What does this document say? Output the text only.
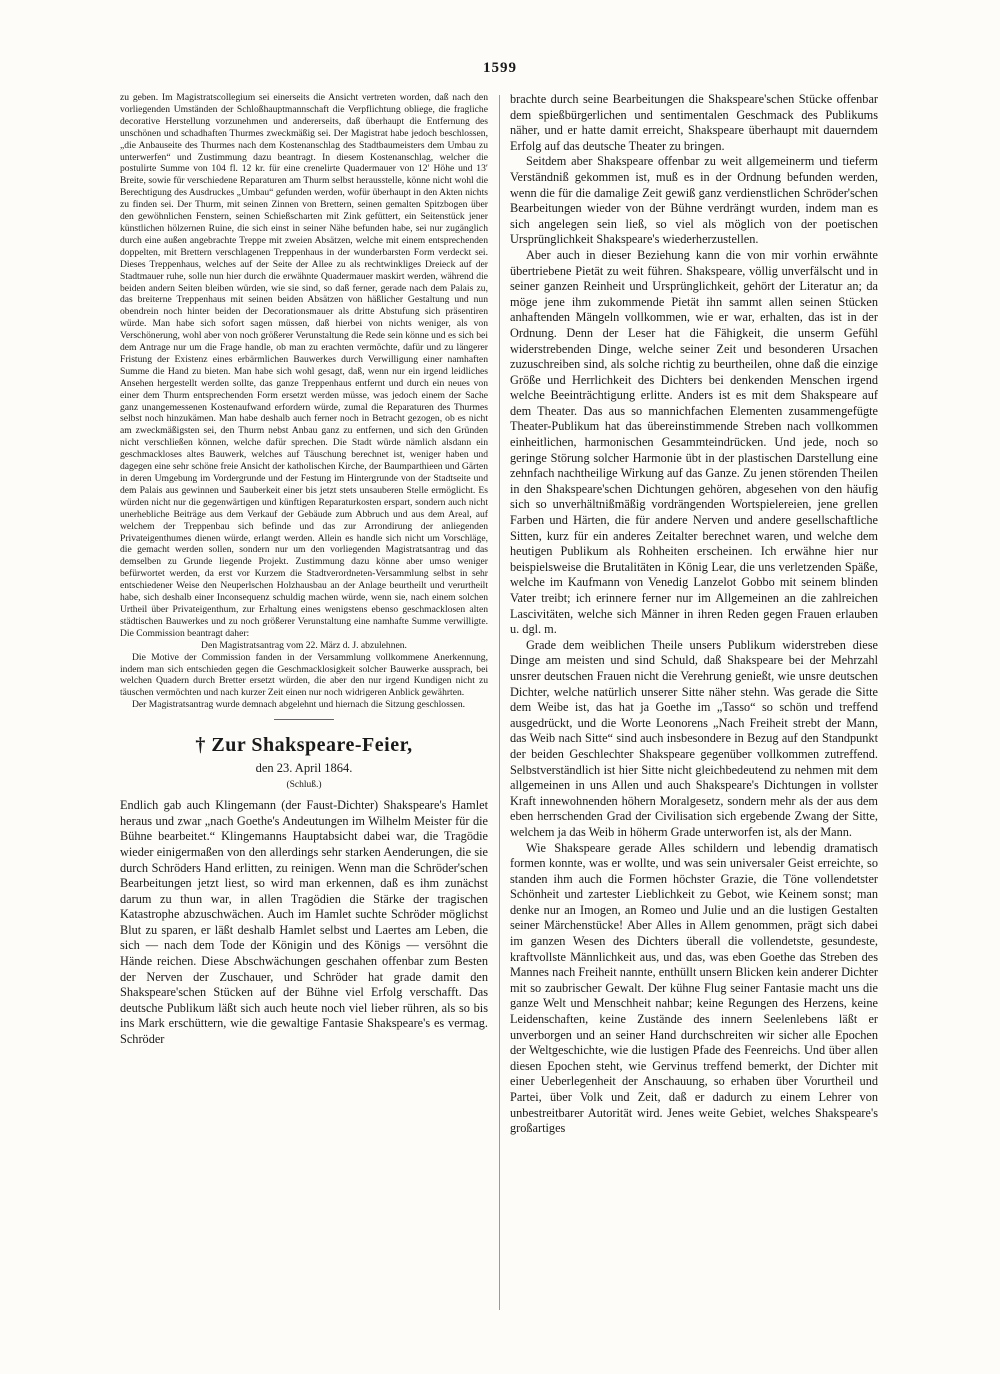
1599

zu geben. Im Magistratscollegium sei einerseits die Ansicht vertreten worden, daß nach den vorliegenden Umständen der Schloßhauptmannschaft die Verpflichtung obliege, die fragliche decorative Herstellung vorzunehmen und andererseits, daß überhaupt die Entfernung des unschönen und schadhaften Thurmes zweckmäßig sei. Der Magistrat habe jedoch beschlossen, „die Anbauseite des Thurmes nach dem Kostenanschlag des Stadtbaumeisters dem Umbau zu unterwerfen“ und Zustimmung dazu beantragt. In diesem Kostenanschlag, welcher die postulirte Summe von 104 fl. 12 kr. für eine crenelirte Quadermauer von 12′ Höhe und 13′ Breite, sowie für verschiedene Reparaturen am Thurm selbst herausstelle, könne nicht wohl die Berechtigung des Ausdruckes „Umbau“ gefunden werden, wofür überhaupt in den Akten nichts zu finden sei. Der Thurm, mit seinen Zinnen von Brettern, seinen gemalten Spitzbogen über den gewöhnlichen Fenstern, seinen Schießscharten mit Zink gefüttert, ein Seitenstück jener künstlichen hölzernen Ruine, die sich einst in seiner Nähe befunden habe, sei nur zugänglich durch eine außen angebrachte Treppe mit zweien Absätzen, welche mit einem entsprechenden doppelten, mit Brettern verschlagenen Treppenhaus in der wunderbarsten Form verdeckt sei. Dieses Treppenhaus, welches auf der Seite der Allee zu als rechtwinkliges Dreieck auf der Stadtmauer ruhe, solle nun hier durch die erwähnte Quadermauer maskirt werden, während die beiden andern Seiten bleiben würden, wie sie sind, so daß ferner, gerade nach dem Palais zu, das breiterne Treppenhaus mit seinen beiden Absätzen von häßlicher Gestaltung und nun obendrein noch hinter beiden der Decorationsmauer als dritte Abstufung sich präsentiren würde. Man habe sich sofort sagen müssen, daß hierbei von nichts weniger, als von Verschönerung, wohl aber von noch größerer Verunstaltung die Rede sein könne und es sich bei dem Antrage nur um die Frage handle, ob man zu erachten vermöchte, dafür und zu längerer Fristung der Existenz eines erbärmlichen Bauwerkes durch Verwilligung einer namhaften Summe die Hand zu bieten. Man habe sich wohl gesagt, daß, wenn nur ein irgend leidliches Ansehen hergestellt werden sollte, das ganze Treppenhaus entfernt und durch ein neues von einer dem Thurm entsprechenden Form ersetzt werden müsse, was jedoch einem der Sache ganz unangemessenen Kostenaufwand erfordern würde, zumal die Reparaturen des Thurmes selbst noch hinzukämen. Man habe deshalb auch ferner noch in Betracht gezogen, ob es nicht am zweckmäßigsten sei, den Thurm nebst Anbau ganz zu entfernen, und sich den Gründen nicht verschließen können, welche dafür sprechen. Die Stadt würde nämlich alsdann ein geschmackloses altes Bauwerk, welches auf Täuschung berechnet ist, weniger haben und dagegen eine sehr schöne freie Ansicht der katholischen Kirche, der Baumparthieen und Gärten in deren Umgebung im Vordergrunde und der Festung im Hintergrunde von der Stadtseite und dem Palais aus gewinnen und Sauberkeit einer bis jetzt stets unsauberen Stelle ermöglicht. Es würden nicht nur die gegenwärtigen und künftigen Reparaturkosten erspart, sondern auch nicht unerhebliche Beiträge aus dem Verkauf der Gebäude zum Abbruch und aus dem Areal, auf welchem der Treppenbau sich befinde und das zur Arrondirung der anliegenden Privateigenthumes dienen würde, erlangt werden. Allein es handle sich nicht um Vorschläge, die gemacht werden sollen, sondern nur um den vorliegenden Magistratsantrag und das demselben zu Grunde liegende Projekt. Zustimmung dazu könne aber umso weniger befürwortet werden, da erst vor Kurzem die Stadtverordneten-Versammlung selbst in sehr entschiedener Weise den Neuperlschen Holzhausbau an der Anlage beurtheilt und verurtheilt habe, sich deshalb einer Inconsequenz schuldig machen würde, wenn sie, nach einem solchen Urtheil über Privateigenthum, zur Erhaltung eines wenigstens ebenso geschmacklosen alten städtischen Bauwerkes und zu noch größerer Verunstaltung eine namhafte Summe verwilligte. Die Commission beantragt daher:

Den Magistratsantrag vom 22. März d. J. abzulehnen.

Die Motive der Commission fanden in der Versammlung vollkommene Anerkennung, indem man sich entschieden gegen die Geschmacklosigkeit solcher Bauwerke aussprach, bei welchen Quadern durch Bretter ersetzt würden, die aber den nur irgend Kundigen nicht zu täuschen vermöchten und nach kurzer Zeit einen nur noch widrigeren Anblick gewährten.

Der Magistratsantrag wurde demnach abgelehnt und hiernach die Sitzung geschlossen.

† Zur Shakspeare-Feier,
den 23. April 1864.
(Schluß.)

Endlich gab auch Klingemann (der Faust-Dichter) Shakspeare's Hamlet heraus und zwar „nach Goethe's Andeutungen im Wilhelm Meister für die Bühne bearbeitet.“ Klingemanns Hauptabsicht dabei war, die Tragödie wieder einigermaßen von den allerdings sehr starken Aenderungen, die sie durch Schröders Hand erlitten, zu reinigen. Wenn man die Schröder'schen Bearbeitungen jetzt liest, so wird man erkennen, daß es ihm zunächst darum zu thun war, in allen Tragödien die Stärke der tragischen Katastrophe abzuschwächen. Auch im Hamlet suchte Schröder möglichst Blut zu sparen, er läßt deshalb Hamlet selbst und Laertes am Leben, die sich — nach dem Tode der Königin und des Königs — versöhnt die Hände reichen. Diese Abschwächungen geschahen offenbar zum Besten der Nerven der Zuschauer, und Schröder hat grade damit den Shakspeare'schen Stücken auf der Bühne viel Erfolg verschafft. Das deutsche Publikum läßt sich auch heute noch viel lieber rühren, als so bis ins Mark erschüttern, wie die gewaltige Fantasie Shakspeare's es vermag. Schröder

brachte durch seine Bearbeitungen die Shakspeare'schen Stücke offenbar dem spießbürgerlichen und sentimentalen Geschmack des Publikums näher, und er hatte damit erreicht, Shakspeare überhaupt mit dauerndem Erfolg auf das deutsche Theater zu bringen.

Seitdem aber Shakspeare offenbar zu weit allgemeinerm und tieferm Verständniß gekommen ist, muß es in der Ordnung befunden werden, wenn die für die damalige Zeit gewiß ganz verdienstlichen Schröder'schen Bearbeitungen wieder von der Bühne verdrängt wurden, indem man es sich angelegen sein ließ, so viel als möglich von der poetischen Ursprünglichkeit Shakspeare's wiederherzustellen.

Aber auch in dieser Beziehung kann die von mir vorhin erwähnte übertriebene Pietät zu weit führen. Shakspeare, völlig unverfälscht und in seiner ganzen Reinheit und Ursprünglichkeit, gehört der Literatur an; da möge jene ihm zukommende Pietät ihn sammt allen seinen Stücken anhaftenden Mängeln vollkommen, wie er war, erhalten, das ist in der Ordnung. Denn der Leser hat die Fähigkeit, die unserm Gefühl widerstrebenden Dinge, welche seiner Zeit und besonderen Ursachen zuzuschreiben sind, als solche richtig zu beurtheilen, ohne daß die einzige Größe und Herrlichkeit des Dichters bei denkenden Menschen irgend welche Beeinträchtigung erlitte. Anders ist es mit dem Shakspeare auf dem Theater. Das aus so mannichfachen Elementen zusammengefügte Theater-Publikum hat das übereinstimmende Streben nach vollkommen einheitlichen, harmonischen Gesammteindrücken. Und jede, noch so geringe Störung solcher Harmonie übt in der plastischen Darstellung eine zehnfach nachtheilige Wirkung auf das Ganze. Zu jenen störenden Theilen in den Shakspeare'schen Dichtungen gehören, abgesehen von den häufig sich so unverhältnißmäßig vordrängenden Wortspielereien, jene grellen Farben und Härten, die für andere Nerven und andere gesellschaftliche Sitten, kurz für ein anderes Zeitalter berechnet waren, und welche dem heutigen Publikum als Rohheiten erscheinen. Ich erwähne hier nur beispielsweise die Brutalitäten in König Lear, die uns verletzenden Späße, welche im Kaufmann von Venedig Lanzelot Gobbo mit seinem blinden Vater treibt; ich erinnere ferner nur im Allgemeinen an die zahlreichen Lascivitäten, welche sich Männer in ihren Reden gegen Frauen erlauben u. dgl. m.

Grade dem weiblichen Theile unsers Publikum widerstreben diese Dinge am meisten und sind Schuld, daß Shakspeare bei der Mehrzahl unsrer deutschen Frauen nicht die Verehrung genießt, wie unsre deutschen Dichter, welche natürlich unserer Sitte näher stehn. Was gerade die Sitte dem Weibe ist, das hat ja Goethe im „Tasso“ so schön und treffend ausgedrückt, und die Worte Leonorens „Nach Freiheit strebt der Mann, das Weib nach Sitte“ sind auch insbesondere in Bezug auf den Standpunkt der beiden Geschlechter Shakspeare gegenüber vollkommen zutreffend. Selbstverständlich ist hier Sitte nicht gleichbedeutend zu nehmen mit dem allgemeinen in uns Allen und auch Shakspeare's Dichtungen in vollster Kraft innewohnenden höhern Moralgesetz, sondern mehr als der aus dem eben herrschenden Grad der Civilisation sich ergebende Zwang der Sitte, welchem ja das Weib in höherm Grade unterworfen ist, als der Mann.

Wie Shakspeare gerade Alles schildern und lebendig dramatisch formen konnte, was er wollte, und was sein universaler Geist erreichte, so standen ihm auch die Formen höchster Grazie, die Töne vollendetster Schönheit und zartester Lieblichkeit zu Gebot, wie Keinem sonst; man denke nur an Imogen, an Romeo und Julie und an die lustigen Gestalten seiner Märchenstücke! Aber Alles in Allem genommen, prägt sich dabei im ganzen Wesen des Dichters überall die vollendetste, gesundeste, kraftvollste Männlichkeit aus, und das, was eben Goethe das Streben des Mannes nach Freiheit nannte, enthüllt unsern Blicken kein anderer Dichter mit so zaubrischer Gewalt. Der kühne Flug seiner Fantasie macht uns die ganze Welt und Menschheit nahbar; keine Regungen des Herzens, keine Leidenschaften, keine Zustände des innern Seelenlebens läßt er unverborgen und an seiner Hand durchschreiten wir sicher alle Epochen der Weltgeschichte, wie die lustigen Pfade des Feenreichs. Und über allen diesen Epochen steht, wie Gervinus treffend bemerkt, der Dichter mit einer Ueberlegenheit der Anschauung, so erhaben über Vorurtheil und Partei, über Volk und Zeit, daß er dadurch zu einem Lehrer von unbestreitbarer Autorität wird. Jenes weite Gebiet, welches Shakspeare's großartiges
